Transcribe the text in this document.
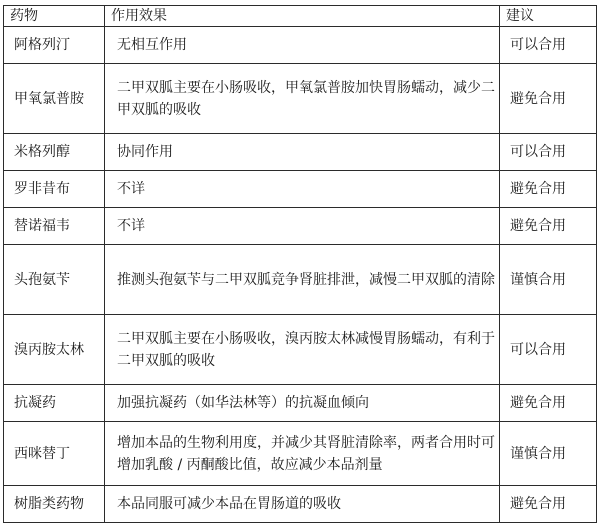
药物	作用效果	建议
阿格列汀	无相互作用	可以合用
甲氧氯普胺	二甲双胍主要在小肠吸收，甲氧氯普胺加快胃肠蠕动，减少二甲双胍的吸收	避免合用
米格列醇	协同作用	可以合用
罗非昔布	不详	避免合用
替诺福韦	不详	避免合用
头孢氨苄	推测头孢氨苄与二甲双胍竞争肾脏排泄，减慢二甲双胍的清除	谨慎合用
溴丙胺太林	二甲双胍主要在小肠吸收，溴丙胺太林减慢胃肠蠕动，有利于二甲双胍的吸收	可以合用
抗凝药	加强抗凝药（如华法林等）的抗凝血倾向	避免合用
西咪替丁	增加本品的生物利用度，并减少其肾脏清除率，两者合用时可增加乳酸 / 丙酮酸比值，故应减少本品剂量	谨慎合用
树脂类药物	本品同服可减少本品在胃肠道的吸收	避免合用
